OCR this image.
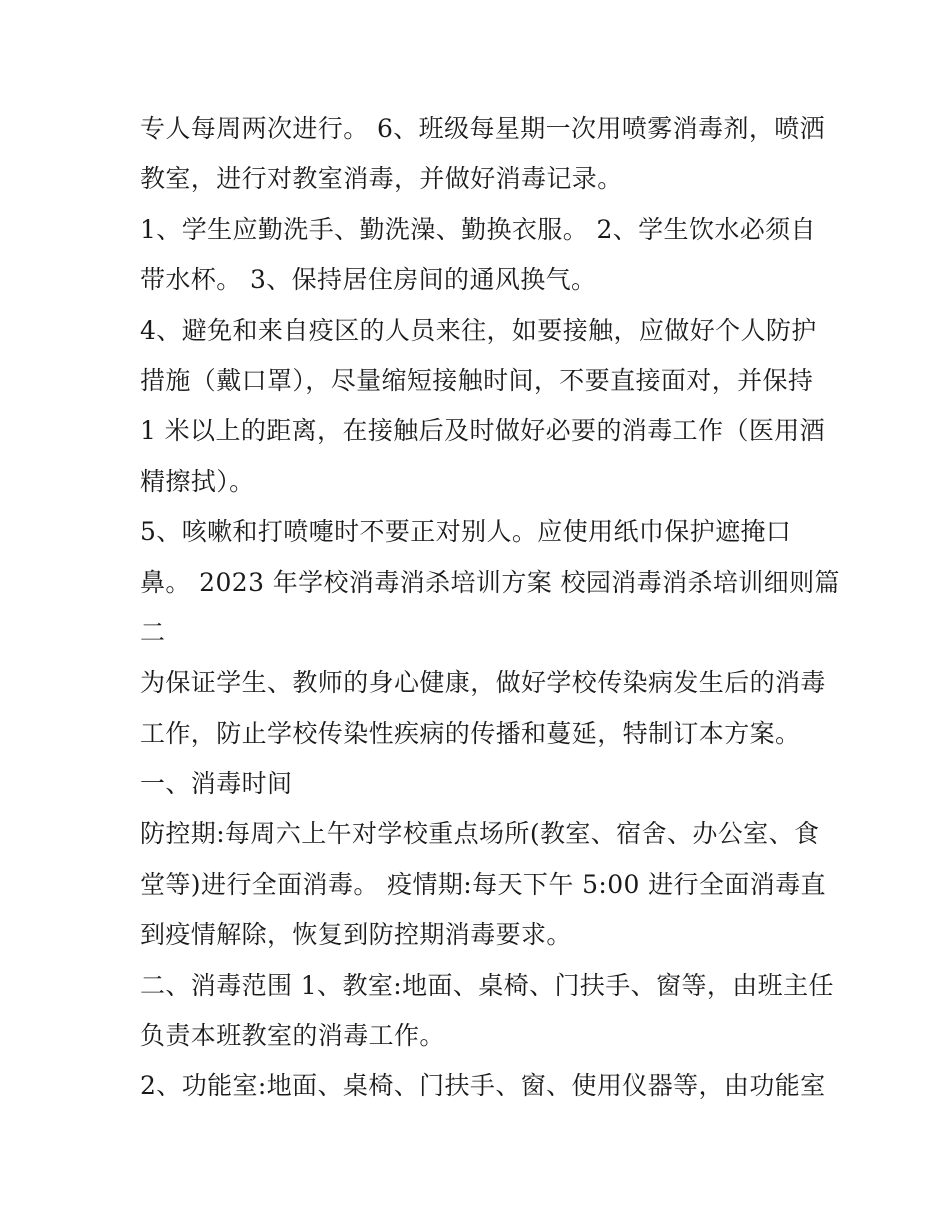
专人每周两次进行。 6、班级每星期一次用喷雾消毒剂，喷洒
教室，进行对教室消毒，并做好消毒记录。
1、学生应勤洗手、勤洗澡、勤换衣服。 2、学生饮水必须自
带水杯。 3、保持居住房间的通风换气。
4、避免和来自疫区的人员来往，如要接触，应做好个人防护
措施（戴口罩），尽量缩短接触时间，不要直接面对，并保持
1 米以上的距离，在接触后及时做好必要的消毒工作（医用酒
精擦拭）。
5、咳嗽和打喷嚏时不要正对别人。应使用纸巾保护遮掩口
鼻。 2023 年学校消毒消杀培训方案 校园消毒消杀培训细则篇
二
为保证学生、教师的身心健康，做好学校传染病发生后的消毒
工作，防止学校传染性疾病的传播和蔓延，特制订本方案。
一、消毒时间
防控期:每周六上午对学校重点场所(教室、宿舍、办公室、食
堂等)进行全面消毒。 疫情期:每天下午 5:00 进行全面消毒直
到疫情解除，恢复到防控期消毒要求。
二、消毒范围 1、教室:地面、桌椅、门扶手、窗等，由班主任
负责本班教室的消毒工作。
2、功能室:地面、桌椅、门扶手、窗、使用仪器等，由功能室
